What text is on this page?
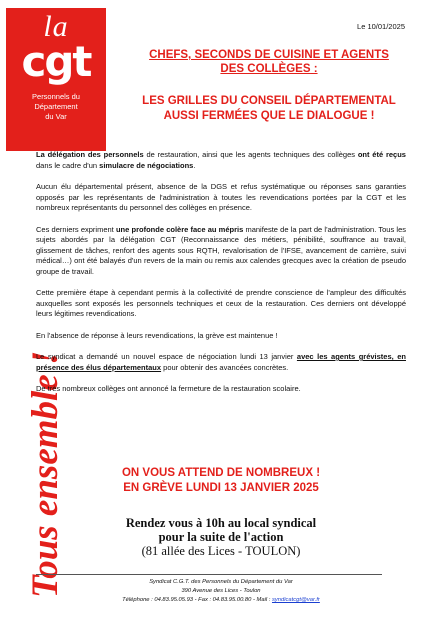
Le 10/01/2025
la
cgt
Personnels du
Département
du Var
Tous ensemble !
CHEFS, SECONDS DE CUISINE ET AGENTS
DES COLLÈGES :
LES GRILLES DU CONSEIL DÉPARTEMENTAL
AUSSI FERMÉES QUE LE DIALOGUE !

La délégation des personnels de restauration, ainsi que les agents techniques des collèges ont été reçus dans le cadre d'un simulacre de négociations.

Aucun élu départemental présent, absence de la DGS et refus systématique ou réponses sans garanties opposés par les représentants de l'administration à toutes les revendications portées par la CGT et les nombreux représentants du personnel des collèges en présence.

Ces derniers expriment une profonde colère face au mépris manifeste de la part de l'administration. Tous les sujets abordés par la délégation CGT (Reconnaissance des métiers, pénibilité, souffrance au travail, glissement de tâches, renfort des agents sous RQTH, revalorisation de l'IFSE, avancement de carrière, suivi médical…) ont été balayés d'un revers de la main ou remis aux calendes grecques avec la création de pseudo groupe de travail.

Cette première étape à cependant permis à la collectivité de prendre conscience de l'ampleur des difficultés auxquelles sont exposés les personnels techniques et ceux de la restauration. Ces derniers ont développé leurs légitimes revendications.

En l'absence de réponse à leurs revendications, la grève est maintenue !

Le syndicat a demandé un nouvel espace de négociation lundi 13 janvier avec les agents grévistes, en présence des élus départementaux pour obtenir des avancées concrètes.

De très nombreux collèges ont annoncé la fermeture de la restauration scolaire.

ON VOUS ATTEND DE NOMBREUX !
EN GRÈVE LUNDI 13 JANVIER 2025
Rendez vous à 10h au local syndical
pour la suite de l'action
(81 allée des Lices - TOULON)
Syndicat C.G.T. des Personnels du Département du Var
390 Avenue des Lices - Toulon
Téléphone : 04.83.95.05.93 - Fax : 04.83.95.00.80 - Mail : syndicatcgt@var.fr
